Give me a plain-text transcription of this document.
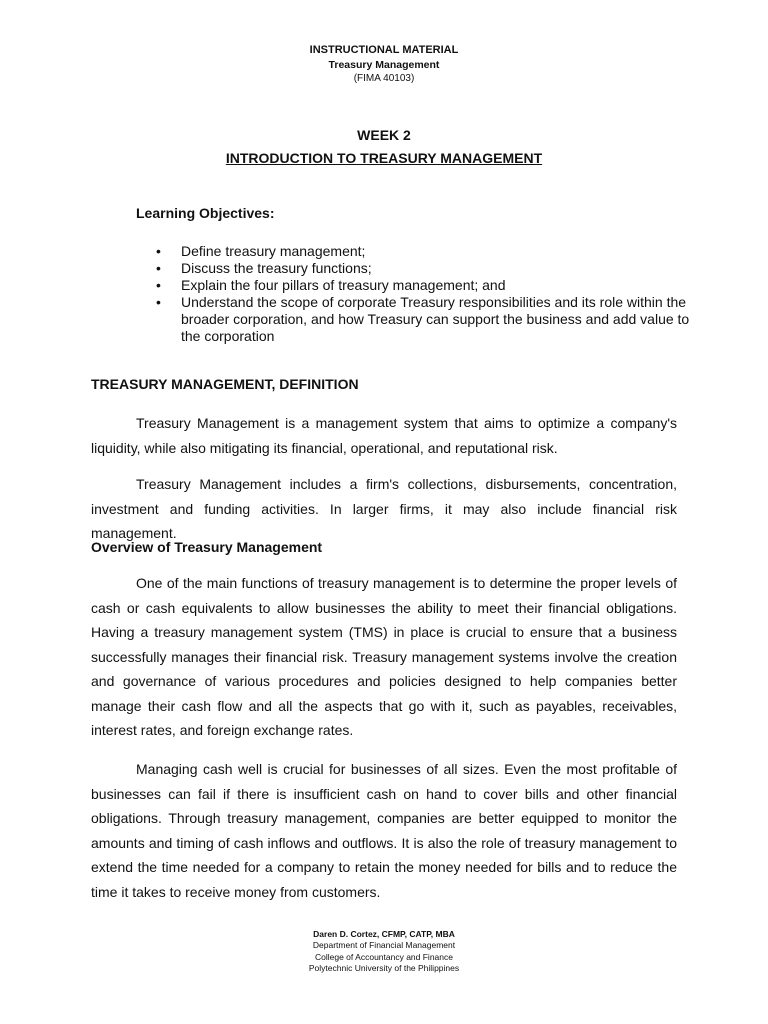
INSTRUCTIONAL MATERIAL
Treasury Management
(FIMA 40103)
WEEK 2
INTRODUCTION TO TREASURY MANAGEMENT
Learning Objectives:
• Define treasury management;
• Discuss the treasury functions;
• Explain the four pillars of treasury management; and
• Understand the scope of corporate Treasury responsibilities and its role within the broader corporation, and how Treasury can support the business and add value to the corporation
TREASURY MANAGEMENT, DEFINITION

Treasury Management is a management system that aims to optimize a company's liquidity, while also mitigating its financial, operational, and reputational risk.

Treasury Management includes a firm's collections, disbursements, concentration, investment and funding activities. In larger firms, it may also include financial risk management.

Overview of Treasury Management

One of the main functions of treasury management is to determine the proper levels of cash or cash equivalents to allow businesses the ability to meet their financial obligations. Having a treasury management system (TMS) in place is crucial to ensure that a business successfully manages their financial risk. Treasury management systems involve the creation and governance of various procedures and policies designed to help companies better manage their cash flow and all the aspects that go with it, such as payables, receivables, interest rates, and foreign exchange rates.

Managing cash well is crucial for businesses of all sizes. Even the most profitable of businesses can fail if there is insufficient cash on hand to cover bills and other financial obligations. Through treasury management, companies are better equipped to monitor the amounts and timing of cash inflows and outflows. It is also the role of treasury management to extend the time needed for a company to retain the money needed for bills and to reduce the time it takes to receive money from customers.

Daren D. Cortez, CFMP, CATP, MBA
Department of Financial Management
College of Accountancy and Finance
Polytechnic University of the Philippines
